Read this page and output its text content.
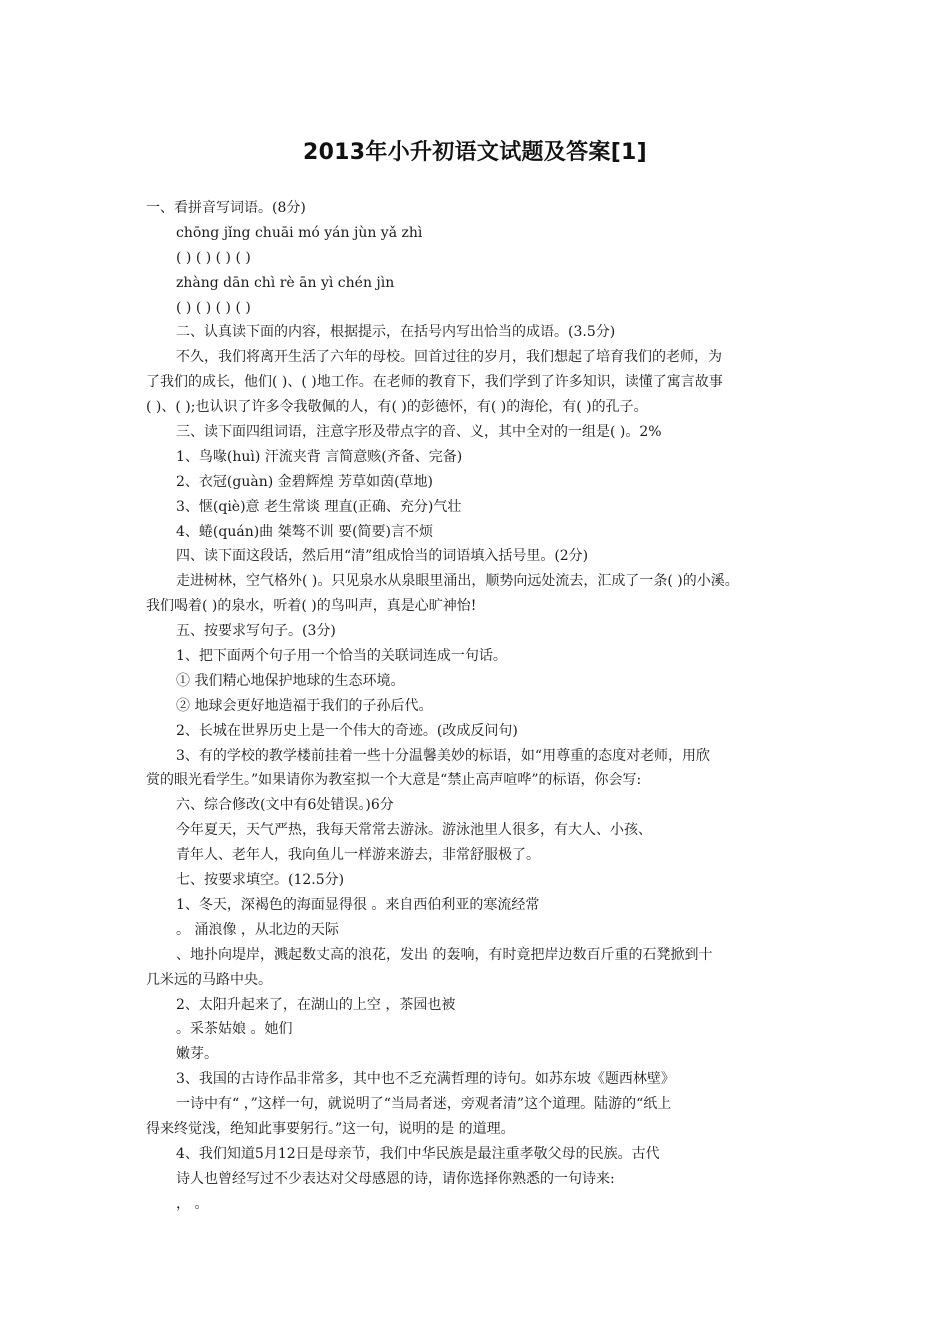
2013年小升初语文试题及答案[1]
一、看拼音写词语。(8分)
chōng jǐng chuāi mó yán jùn yǎ zhì
( ) ( ) ( ) ( )
zhàng dān chì rè ān yì chén jìn
( ) ( ) ( ) ( )
二、认真读下面的内容，根据提示，在括号内写出恰当的成语。(3.5分)
不久，我们将离开生活了六年的母校。回首过往的岁月，我们想起了培育我们的老师，为
了我们的成长，他们( )、( )地工作。在老师的教育下，我们学到了许多知识，读懂了寓言故事
( )、( );也认识了许多令我敬佩的人，有( )的彭德怀，有( )的海伦，有( )的孔子。
三、读下面四组词语，注意字形及带点字的音、义，其中全对的一组是( )。2%
1、鸟喙(huì) 汗流夹背 言简意赅(齐备、完备)
2、衣冠(guàn) 金碧辉煌 芳草如茵(草地)
3、惬(qiè)意 老生常谈 理直(正确、充分)气壮
4、蜷(quán)曲 桀骜不训 要(简要)言不烦
四、读下面这段话，然后用“清”组成恰当的词语填入括号里。(2分)
走进树林，空气格外( )。只见泉水从泉眼里涌出，顺势向远处流去，汇成了一条( )的小溪。
我们喝着( )的泉水，听着( )的鸟叫声，真是心旷神怡!
五、按要求写句子。(3分)
1、把下面两个句子用一个恰当的关联词连成一句话。
① 我们精心地保护地球的生态环境。
② 地球会更好地造福于我们的子孙后代。
2、长城在世界历史上是一个伟大的奇迹。(改成反问句)
3、有的学校的教学楼前挂着一些十分温馨美妙的标语，如“用尊重的态度对老师，用欣
赏的眼光看学生。”如果请你为教室拟一个大意是“禁止高声喧哗”的标语，你会写:
六、综合修改(文中有6处错误。)6分
今年夏天，天气严热，我每天常常去游泳。游泳池里人很多，有大人、小孩、
青年人、老年人，我向鱼儿一样游来游去，非常舒服极了。
七、按要求填空。(12.5分)
1、冬天，深褐色的海面显得很 。来自西伯利亚的寒流经常
。 涌浪像 ，从北边的天际
、地扑向堤岸，溅起数丈高的浪花，发出 的轰响，有时竟把岸边数百斤重的石凳掀到十
几米远的马路中央。
2、太阳升起来了，在湖山的上空 ，茶园也被
。采茶姑娘 。她们
嫩芽。
3、我国的古诗作品非常多，其中也不乏充满哲理的诗句。如苏东坡《题西林壁》
一诗中有“ ，”这样一句，就说明了“当局者迷，旁观者清”这个道理。陆游的“纸上
得来终觉浅，绝知此事要躬行。”这一句，说明的是 的道理。
4、我们知道5月12日是母亲节，我们中华民族是最注重孝敬父母的民族。古代
诗人也曾经写过不少表达对父母感恩的诗，请你选择你熟悉的一句诗来:
， 。
